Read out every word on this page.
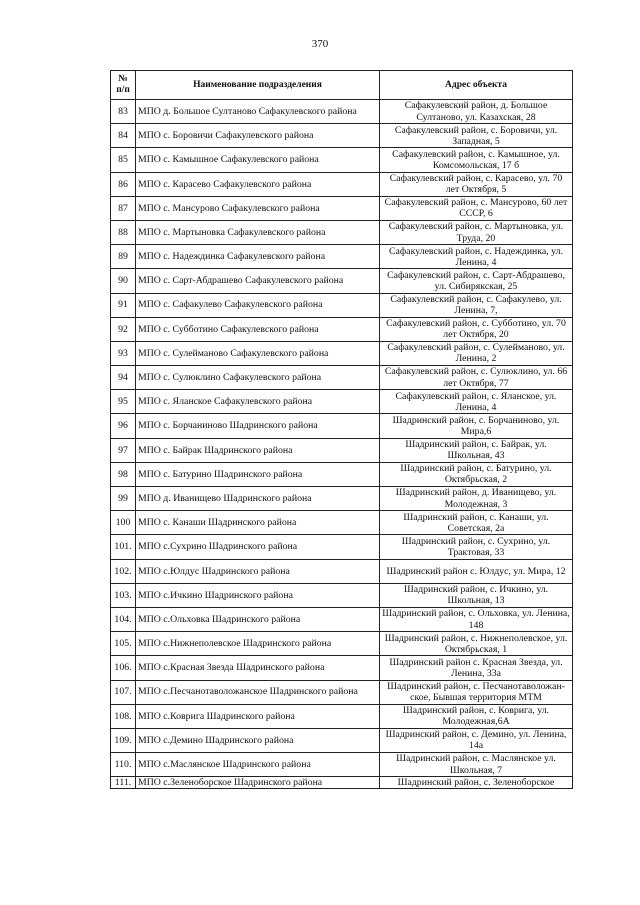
370
№ п/п	Наименование подразделения	Адрес объекта
83	МПО д. Большое Султаново Сафакулевского района	Сафакулевский район, д. Большое Султаново, ул. Казахская, 28
84	МПО с. Боровичи Сафакулевского района	Сафакулевский район, с. Боровичи, ул. Западная, 5
85	МПО с. Камышное Сафакулевского района	Сафакулевский район, с. Камышное, ул. Комсомольская, 17 б
86	МПО с. Карасево Сафакулевского района	Сафакулевский район, с. Карасево, ул. 70 лет Октября, 5
87	МПО с. Мансурово Сафакулевского района	Сафакулевский район, с. Мансурово, 60 лет СССР, 6
88	МПО с. Мартыновка Сафакулевского района	Сафакулевский район, с. Мартыновка, ул. Труда, 20
89	МПО с. Надеждинка Сафакулевского района	Сафакулевский район, с. Надеждинка, ул. Ленина, 4
90	МПО с. Сарт-Абдрашево Сафакулевского района	Сафакулевский район, с. Сарт-Абдрашево, ул. Сибирякская, 25
91	МПО с. Сафакулево Сафакулевского района	Сафакулевский район, с. Сафакулево, ул. Ленина, 7,
92	МПО с. Субботино Сафакулевского района	Сафакулевский район, с. Субботино, ул. 70 лет Октября, 20
93	МПО с. Сулейманово Сафакулевского района	Сафакулевский район, с. Сулейманово, ул. Ленина, 2
94	МПО с. Сулюклино Сафакулевского района	Сафакулевский район, с. Сулюклино, ул. 66 лет Октября, 77
95	МПО с. Яланское Сафакулевского района	Сафакулевский район, с. Яланское, ул. Ленина, 4
96	МПО с. Борчаниново Шадринского района	Шадринский район, с. Борчаниново, ул. Мира,6
97	МПО с. Байрак Шадринского района	Шадринский район, с. Байрак, ул. Школьная, 43
98	МПО с. Батурино Шадринского района	Шадринский район, с. Батурино, ул. Октябрьская, 2
99	МПО д. Иванищево Шадринского района	Шадринский район, д. Иванищево, ул. Молодежная, 3
100	МПО с. Канаши Шадринского района	Шадринский район, с. Канаши, ул. Советская, 2а
101.	МПО с.Сухрино Шадринского района	Шадринский район, с. Сухрино, ул. Трактовая, 33
102.	МПО с.Юлдус Шадринского района	Шадринский район с. Юлдус, ул. Мира, 12
103.	МПО с.Ичкино Шадринского района	Шадринский район, с. Ичкино, ул. Школьная, 13
104.	МПО с.Ольховка Шадринского района	Шадринский район, с. Ольховка, ул. Ленина, 148
105.	МПО с.Нижнеполевское Шадринского района	Шадринский район, с. Нижнеполевское, ул. Октябрьская, 1
106.	МПО с.Красная Звезда Шадринского района	Шадринский район с. Красная Звезда, ул. Ленина, 33а
107.	МПО с.Песчанотаволожанское Шадринского района	Шадринский район, с. Песчанотаволожан-ское, Бывшая территория МТМ
108.	МПО с.Коврига Шадринского района	Шадринский район, с. Коврига, ул. Молодежная,6А
109.	МПО с.Демино Шадринского района	Шадринский район, с. Демино, ул. Ленина, 14а
110.	МПО с.Маслянское Шадринского района	Шадринский район, с. Маслянское ул. Школьная, 7
111.	МПО с.Зеленоборское Шадринского района	Шадринский район, с. Зеленоборское
